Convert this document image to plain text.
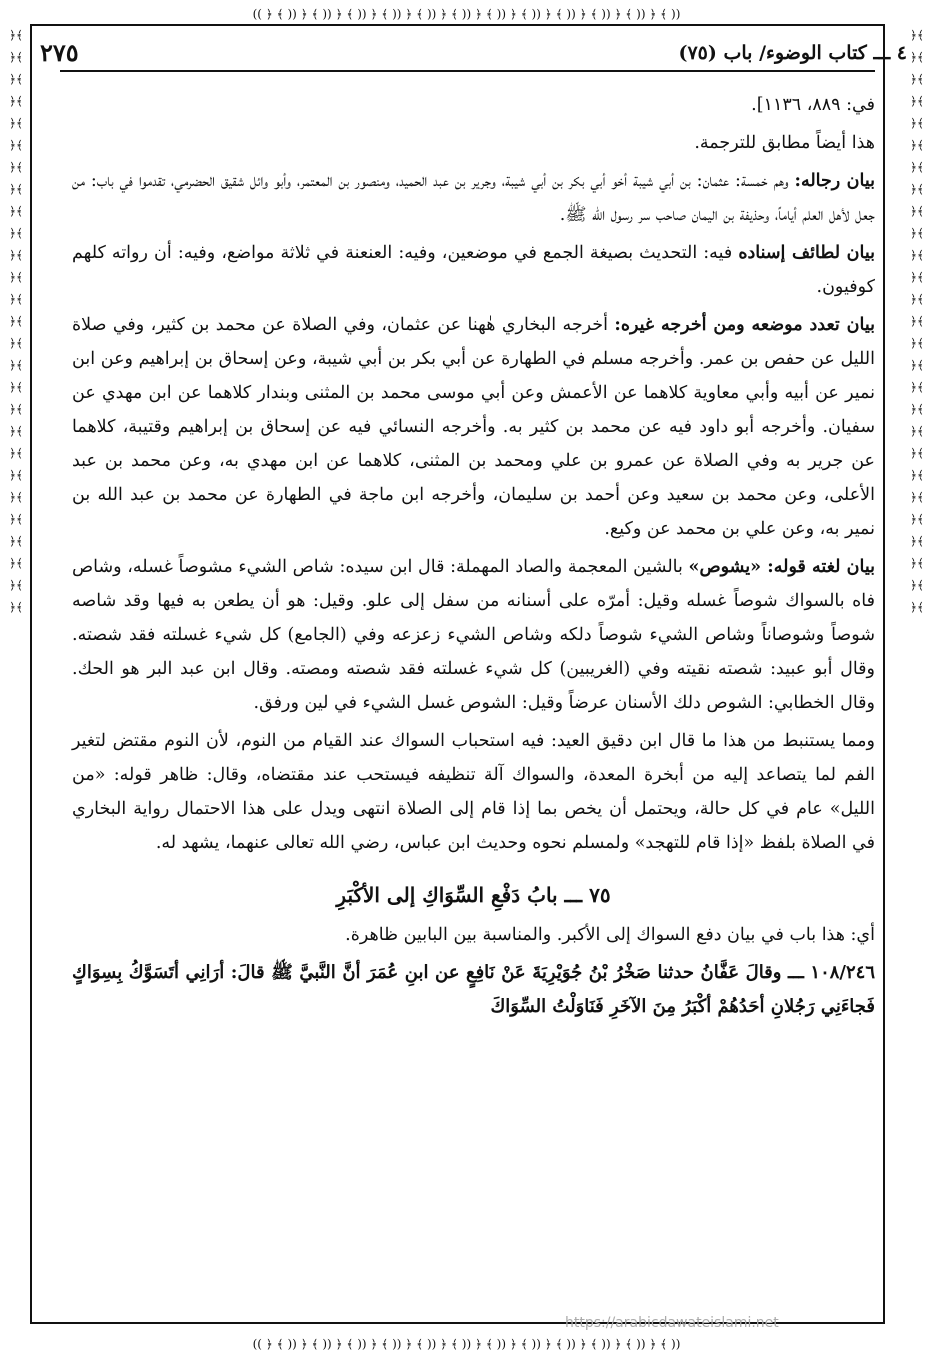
(( ﴿ ﴾ )) ﴿ ﴾ )) ﴿ ﴾ )) ﴿ ﴾ )) ﴿ ﴾ )) ﴿ ﴾ )) ﴿ ﴾ )) ﴿ ﴾ )) ﴿ ﴾ )) ﴿ ﴾ )) ﴿ ﴾ )) ﴿ ﴾ ))
(( ﴿ ﴾ )) ﴿ ﴾ )) ﴿ ﴾ )) ﴿ ﴾ )) ﴿ ﴾ )) ﴿ ﴾ )) ﴿ ﴾ )) ﴿ ﴾ )) ﴿ ﴾ )) ﴿ ﴾ )) ﴿ ﴾ )) ﴿ ﴾ ))
﴿﴾﴿﴾﴿﴾﴿﴾﴿﴾﴿﴾﴿﴾﴿﴾﴿﴾﴿﴾﴿﴾﴿﴾﴿﴾﴿﴾﴿﴾﴿﴾﴿﴾﴿﴾﴿﴾﴿﴾﴿﴾﴿﴾﴿﴾﴿﴾﴿﴾﴿﴾﴿﴾
﴿﴾﴿﴾﴿﴾﴿﴾﴿﴾﴿﴾﴿﴾﴿﴾﴿﴾﴿﴾﴿﴾﴿﴾﴿﴾﴿﴾﴿﴾﴿﴾﴿﴾﴿﴾﴿﴾﴿﴾﴿﴾﴿﴾﴿﴾﴿﴾﴿﴾﴿﴾﴿﴾
٤ ـــ كتاب الوضوء/ باب (٧٥)
٢٧٥

في: ٨٨٩، ١١٣٦].

هذا أيضاً مطابق للترجمة.

بيان رجاله: وهم خمسة: عثمان: بن أبي شيبة أخو أبي بكر بن أبي شيبة، وجرير بن عبد الحميد، ومنصور بن المعتمر، وأبو وائل شقيق الحضرمي، تقدموا في باب: من جعل لأهل العلم أياماً، وحذيفة بن اليمان صاحب سر رسول الله ﷺ.

بيان لطائف إسناده فيه: التحديث بصيغة الجمع في موضعين، وفيه: العنعنة في ثلاثة مواضع، وفيه: أن رواته كلهم كوفيون.

بيان تعدد موضعه ومن أخرجه غيره: أخرجه البخاري هٰهنا عن عثمان، وفي الصلاة عن محمد بن كثير، وفي صلاة الليل عن حفص بن عمر. وأخرجه مسلم في الطهارة عن أبي بكر بن أبي شيبة، وعن إسحاق بن إبراهيم وعن ابن نمير عن أبيه وأبي معاوية كلاهما عن الأعمش وعن أبي موسى محمد بن المثنى وبندار كلاهما عن ابن مهدي عن سفيان. وأخرجه أبو داود فيه عن محمد بن كثير به. وأخرجه النسائي فيه عن إسحاق بن إبراهيم وقتيبة، كلاهما عن جرير به وفي الصلاة عن عمرو بن علي ومحمد بن المثنى، كلاهما عن ابن مهدي به، وعن محمد بن عبد الأعلى، وعن محمد بن سعيد وعن أحمد بن سليمان، وأخرجه ابن ماجة في الطهارة عن محمد بن عبد الله بن نمير به، وعن علي بن محمد عن وكيع.

بيان لغته قوله: «يشوص» بالشين المعجمة والصاد المهملة: قال ابن سيده: شاص الشيء مشوصاً غسله، وشاص فاه بالسواك شوصاً غسله وقيل: أمرّه على أسنانه من سفل إلى علو. وقيل: هو أن يطعن به فيها وقد شاصه شوصاً وشوصاناً وشاص الشيء شوصاً دلكه وشاص الشيء زعزعه وفي (الجامع) كل شيء غسلته فقد شصته. وقال أبو عبيد: شصته نقيته وفي (الغريبين) كل شيء غسلته فقد شصته ومصته. وقال ابن عبد البر هو الحك. وقال الخطابي: الشوص دلك الأسنان عرضاً وقيل: الشوص غسل الشيء في لين ورفق.

ومما يستنبط من هذا ما قال ابن دقيق العيد: فيه استحباب السواك عند القيام من النوم، لأن النوم مقتض لتغير الفم لما يتصاعد إليه من أبخرة المعدة، والسواك آلة تنظيفه فيستحب عند مقتضاه، وقال: ظاهر قوله: «من الليل» عام في كل حالة، ويحتمل أن يخص بما إذا قام إلى الصلاة انتهى ويدل على هذا الاحتمال رواية البخاري في الصلاة بلفظ «إذا قام للتهجد» ولمسلم نحوه وحديث ابن عباس، رضي الله تعالى عنهما، يشهد له.

٧٥ ـــ بابُ دَفْعِ السِّوَاكِ إلى الأكْبَرِ

أي: هذا باب في بيان دفع السواك إلى الأكبر. والمناسبة بين البابين ظاهرة.

١٠٨/٢٤٦ ـــ وقالَ عَفَّانُ حدثنا صَخْرُ بْنُ جُوَيْرِيَةَ عَنْ نَافِعٍ عن ابنِ عُمَرَ أنَّ النَّبيَّ ﷺ قالَ: أرَانِي أتَسَوَّكُ بِسِوَاكٍ فَجاءَنِي رَجُلانِ أحَدُهُمْ أكْبَرُ مِنَ الآخَرِ فَنَاوَلْتُ السِّوَاكَ

https://arabicdawateislami.net
